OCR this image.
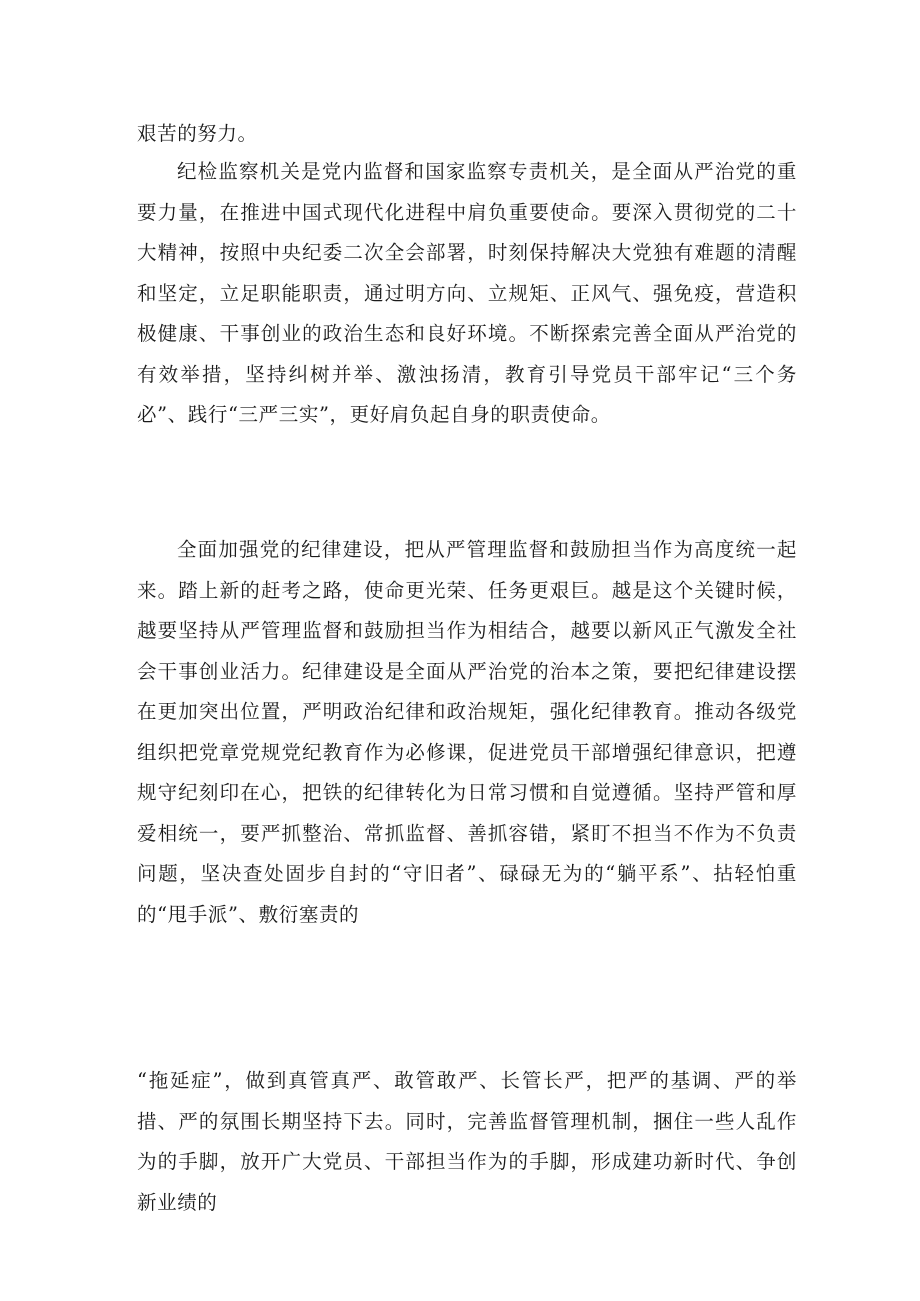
艰苦的努力。

纪检监察机关是党内监督和国家监察专责机关，是全面从严治党的重要力量，在推进中国式现代化进程中肩负重要使命。要深入贯彻党的二十大精神，按照中央纪委二次全会部署，时刻保持解决大党独有难题的清醒和坚定，立足职能职责，通过明方向、立规矩、正风气、强免疫，营造积极健康、干事创业的政治生态和良好环境。不断探索完善全面从严治党的有效举措，坚持纠树并举、激浊扬清，教育引导党员干部牢记“三个务必”、践行“三严三实”，更好肩负起自身的职责使命。

全面加强党的纪律建设，把从严管理监督和鼓励担当作为高度统一起来。踏上新的赶考之路，使命更光荣、任务更艰巨。越是这个关键时候，越要坚持从严管理监督和鼓励担当作为相结合，越要以新风正气激发全社会干事创业活力。纪律建设是全面从严治党的治本之策，要把纪律建设摆在更加突出位置，严明政治纪律和政治规矩，强化纪律教育。推动各级党组织把党章党规党纪教育作为必修课，促进党员干部增强纪律意识，把遵规守纪刻印在心，把铁的纪律转化为日常习惯和自觉遵循。坚持严管和厚爱相统一，要严抓整治、常抓监督、善抓容错，紧盯不担当不作为不负责问题，坚决查处固步自封的“守旧者”、碌碌无为的“躺平系”、拈轻怕重的“甩手派”、敷衍塞责的

“拖延症”，做到真管真严、敢管敢严、长管长严，把严的基调、严的举措、严的氛围长期坚持下去。同时，完善监督管理机制，捆住一些人乱作为的手脚，放开广大党员、干部担当作为的手脚，形成建功新时代、争创新业绩的
